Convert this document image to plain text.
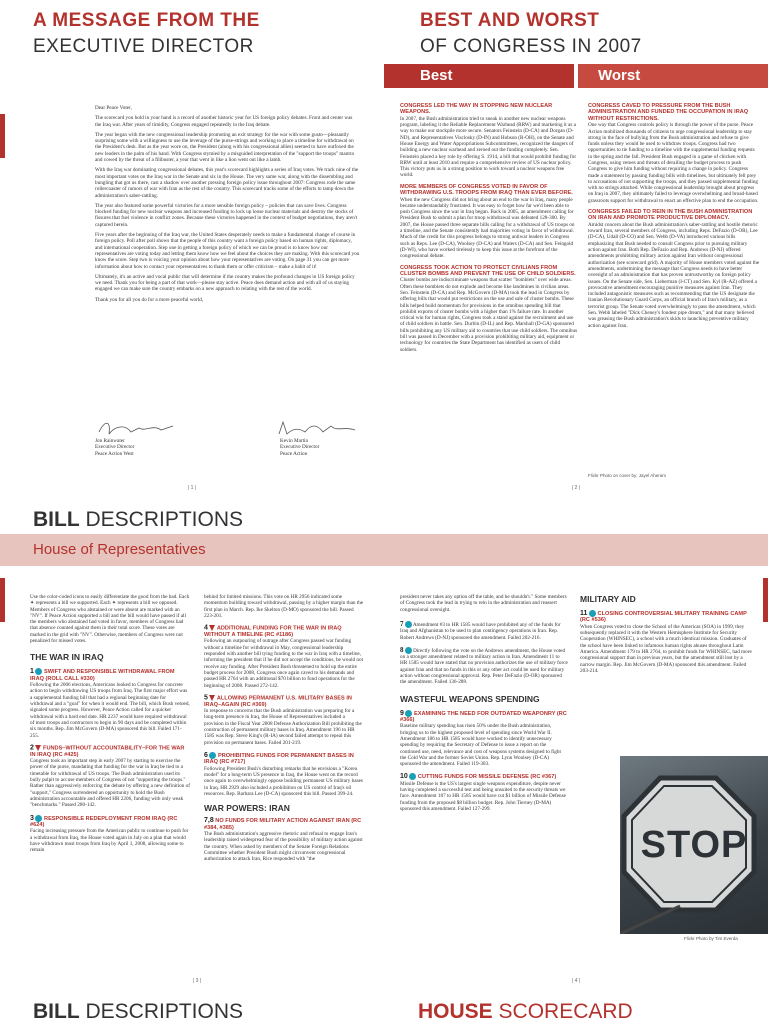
A MESSAGE FROM THE
EXECUTIVE DIRECTOR

Dear Peace Voter,

The scorecard you hold in your hand is a record of another historic year for US foreign policy debates. Front and center was the Iraq war. After years of timidity, Congress engaged repeatedly in the Iraq debate.

The year began with the new congressional leadership promoting an exit strategy for the war with some gusto—pleasantly surprising some with a willingness to use the leverage of the purse-strings and working to place a timeline for withdrawal on the President's desk. But as the year wore on, the President (along with his congressional allies) seemed to have outfoxed the new leaders in the palm of his hand. With Congress stymied by a misguided interpretation of the "support the troops" mantra and cowed by the threat of a filibuster, a year that went in like a lion went out like a lamb.

With the Iraq war dominating congressional debates, this year's scorecard highlights a series of Iraq votes. We track nine of the most important votes on the Iraq war in the Senate and six in the House. The very same war, along with the dissembling and bungling that got us there, cast a shadow over another pressing foreign policy issue throughout 2007: Congress rode the same rollercoaster of rumors of war with Iran as the rest of the country. This scorecard tracks some of the efforts to tamp down the administration's saber-rattling.

The year also featured some powerful victories for a more sensible foreign policy – policies that can save lives. Congress blocked funding for new nuclear weapons and increased funding to lock up loose nuclear materials and destroy the stocks of fissures that fuel violence in conflict zones. Because these victories happened in the context of budget negotiations, they aren't captured herein.

Five years after the beginning of the Iraq war, the United States desperately needs to make a fundamental change of course in foreign policy. Poll after poll shows that the people of this country want a foreign policy based on human rights, diplomacy, and international cooperation. Step one in getting a foreign policy of which we can be proud is to know how our representatives are voting today and letting them know how we feel about the choices they are making. With this scorecard you know the score. Step two is voicing your opinion about how your representatives are voting. On page 31 you can get more information about how to contact your representatives to thank them or offer criticism – make a habit of it!

Ultimately, it's an active and vocal public that will determine if the country makes the profound changes in US foreign policy we need. Thank you for being a part of that work—please stay active. Peace does demand action and with all of us staying engaged we can make sure the country embarks on a new approach to relating with the rest of the world.

Thank you for all you do for a more peaceful world,

Jon Rainwater
Executive Director
Peace Action West
Kevin Martin
Executive Director
Peace Action
| 1 |
BEST AND WORST
OF CONGRESS IN 2007
Best	Worst
CONGRESS LED THE WAY IN STOPPING NEW NUCLEAR WEAPONS.
In 2007, the Bush administration tried to sneak in another new nuclear weapons program, labeling it the Reliable Replacement Warhead (RRW) and marketing it as a way to make our stockpile more secure. Senators Feinstein (D-CA) and Dorgan (D-ND), and Representatives Visclosky (D-IN) and Hobson (R-OH), on the Senate and House Energy and Water Appropriations Subcommittees, recognized the dangers of building a new nuclear warhead and zeroed out the funding completely. Sen. Feinstein placed a key role by offering S. 1914, a bill that would prohibit funding for RRW until at least 2010 and require a comprehensive review of US nuclear policy. This victory puts us in a strong position to work toward a nuclear weapons free world.
MORE MEMBERS OF CONGRESS VOTED IN FAVOR OF WITHDRAWING U.S. TROOPS FROM IRAQ THAN EVER BEFORE.
When the new Congress did not bring about an end to the war in Iraq, many people became understandably frustrated. It was easy to forget how far we'd been able to push Congress since the war in Iraq began. Back in 2005, an amendment calling for President Bush to submit a plan for troop withdrawal was defeated 128-300. By 2007, the House passed three separate bills calling for a withdrawal of US troops on a timeline, and the Senate consistently had majorities voting in favor of withdrawal. Much of the credit for this progress belongs to strong antiwar leaders in Congress such as Reps. Lee (D-CA), Woolsey (D-CA) and Waters (D-CA) and Sen. Feingold (D-WI), who have worked tirelessly to keep this issue at the forefront of the congressional debate.
CONGRESS TOOK ACTION TO PROTECT CIVILIANS FROM CLUSTER BOMBS AND PREVENT THE USE OF CHILD SOLDIERS.
Cluster bombs are indiscriminate weapons that scatter "bomblets" over wide areas. Often these bomblets do not explode and become like landmines in civilian areas. Sen. Feinstein (D-CA) and Rep. McGovern (D-MA) took the lead in Congress by offering bills that would put restrictions on the use and sale of cluster bombs. These bills helped build momentum for provisions in the omnibus spending bill that prohibit exports of cluster bombs with a higher than 1% failure rate. In another critical win for human rights, Congress took a stand against the recruitment and use of child soldiers in battle. Sen. Durbin (D-IL) and Rep. Marshall (D-GA) sponsored bills prohibiting any US military aid to countries that use child soldiers. The omnibus bill was passed in December with a provision prohibiting military aid, equipment or technology for countries the State Department has identified as users of child soldiers.
CONGRESS CAVED TO PRESSURE FROM THE BUSH ADMINISTRATION AND FUNDED THE OCCUPATION IN IRAQ WITHOUT RESTRICTIONS.
One way that Congress controls policy is through the power of the purse. Peace Action mobilized thousands of citizens to urge congressional leadership to stay strong in the face of bullying from the Bush administration and refuse to give funds unless they would be used to withdraw troops. Congress had two opportunities to tie funding to a timeline with the supplemental funding requests in the spring and the fall. President Bush engaged in a game of chicken with Congress, using vetoes and threats of derailing the budget process to push Congress to give him funding without requiring a change in policy. Congress made a statement by passing funding bills with timelines, but ultimately fell prey to accusations of not supporting the troops, and they passed supplemental funding with no strings attached. While congressional leadership brought about progress on Iraq in 2007, they ultimately failed to leverage overwhelming and broad-based grassroots support for withdrawal to enact an effective plan to end the occupation.
CONGRESS FAILED TO REIN IN THE BUSH ADMINISTRATION ON IRAN AND PROMOTE PRODUCTIVE DIPLOMACY.
Amidst concern about the Bush administration's saber-rattling and hostile rhetoric toward Iran, several members of Congress, including Reps. DeFazio (D-OR), Lee (D-CA), Udall (D-CO) and Sen. Webb (D-VA) introduced various bills emphasizing that Bush needed to consult Congress prior to pursuing military action against Iran. Both Rep. DeFazio and Rep. Andrews (D-NJ) offered amendments prohibiting military action against Iran without congressional authorization (see scorecard grid). A majority of House members voted against the amendments, undermining the message that Congress needs to have better oversight of an administration that has proven untrustworthy on foreign policy issues. On the Senate side, Sen. Lieberman (I-CT) and Sen. Kyl (R-AZ) offered a provocative amendment encouraging punitive measures against Iran. They included antagonistic measures such as recommending that the US designate the Iranian Revolutionary Guard Corps, an official branch of Iran's military, as a terrorist group. The Senate voted overwhelmingly to pass the amendment, which Sen. Webb labeled "Dick Cheney's fondest pipe dream," and that many believed was greasing the Bush administration's skids to launching preventive military action against Iran.
Flickr Photo on cover by: Jayel Aheram
| 2 |
BILL DESCRIPTIONS
House of Representatives
Use the color-coded icons to easily differentiate the good from the bad. Each ✦ represents a bill we supported. Each ✦ represents a bill we opposed. Members of Congress who abstained or were absent are marked with an "NV". If Peace Action supported a bill and the bill would have passed if all the members who abstained had voted in favor, members of Congress had that absence counted against them in their total score. These votes are marked in the grid with "NV". Otherwise, members of Congress were not penalized for missed votes.
THE WAR IN IRAQ
1 SWIFT AND RESPONSIBLE WITHDRAWAL FROM IRAQ (ROLL CALL #330)
Following the 2006 elections, Americans looked to Congress for concrete action to begin withdrawing US troops from Iraq. The first major effort was a supplemental funding bill that had a regional beginning date for withdrawal and a "goal" for when it would end. The bill, which Bush vetoed, signaled some progress. However, Peace Action called for a quicker withdrawal with a hard end date. HR 2237 would have required withdrawal of most troops and contractors to begin in 90 days and be completed within six months. Rep. Jim McGovern (D-MA) sponsored this bill. Failed 171-255.
2 FUNDS–WITHOUT ACCOUNTABILITY–FOR THE WAR IN IRAQ (RC #425)
Congress took an important step in early 2007 by starting to exercise the power of the purse, mandating that funding for the war in Iraq be tied to a timetable for withdrawal of US troops. The Bush administration used its bully pulpit to accuse members of Congress of not "supporting the troops." Rather than aggressively enforcing the debate by offering a new definition of "support," Congress surrendered an opportunity to hold the Bush administration accountable and offered HR 2206, funding with only weak "benchmarks." Passed 280-142.
3 RESPONSIBLE REDEPLOYMENT FROM IRAQ (RC #624)
Facing increasing pressure from the American public to continue to push for a withdrawal from Iraq, the House voted again in July on a plan that would have withdrawn most troops from Iraq by April 1, 2008, allowing some to remain
behind for limited missions. This vote on HR 2956 indicated some momentum building toward withdrawal, passing by a higher margin than the first plan in March. Rep. Ike Skelton (D-MO) sponsored the bill. Passed 223-201.
4 ADDITIONAL FUNDING FOR THE WAR IN IRAQ WITHOUT A TIMELINE (RC #1186)
Following an outpouring of outrage after Congress passed war funding without a timeline for withdrawal in May, congressional leadership responded with another bill tying funding to the war in Iraq with a timeline, informing the president that if he did not accept the conditions, he would not receive any funding. After President Bush threatened to hold up the entire budget process for 2008, Congress once again caved to his demands and passed HR 2764 with an additional $70 billion to fund operations for the beginning of 2008. Passed 272-142.
5 ALLOWING PERMANENT U.S. MILITARY BASES IN IRAQ–AGAIN (RC #369)
In response to concerns that the Bush administration was preparing for a long-term presence in Iraq, the House of Representatives included a provision in the Fiscal Year 2008 Defense Authorization Bill prohibiting the construction of permanent military bases in Iraq. Amendment 196 to HR 1585 was Rep. Steve King's (R-IA) second failed attempt to repeal this provision on permanent bases. Failed 201-219.
6 PROHIBITING FUNDS FOR PERMANENT BASES IN IRAQ (RC #717)
Following President Bush's disturbing remarks that he envisions a "Korea model" for a long-term US presence in Iraq, the House went on the record once again to overwhelmingly oppose building permanent US military bases in Iraq. HR 2929 also included a prohibition on US control of Iraq's oil resources. Rep. Barbara Lee (D-CA) sponsored this bill. Passed 399-24.
WAR POWERS: IRAN
7,8 NO FUNDS FOR MILITARY ACTION AGAINST IRAN (RC #384, #385)
The Bush administration's aggressive rhetoric and refusal to engage Iran's leadership raised widespread fear of the possibility of military action against the country. When asked by members of the Senate Foreign Relations Committee whether President Bush might circumvent congressional authorization to attack Iran, Rice responded with "the
| 3 |
president never takes any option off the table, and he shouldn't." Some members of Congress took the lead in trying to rein in the administration and reassert congressional oversight.
7 Amendment #3 to HR 1585 would have prohibited any of the funds for Iraq and Afghanistan to be used to plan contingency operations in Iran. Rep. Robert Andrews (D-NJ) sponsored the amendment. Failed 202-216.
8 Directly following the vote on the Andrews amendment, the House voted on a stronger amendment related to military action in Iran. Amendment 11 to HR 1585 would have stated that no provision authorizes the use of military force against Iran and that no funds in this or any other act could be used for military action without congressional approval. Rep. Peter DeFazio (D-OR) sponsored the amendment. Failed 136-288.
WASTEFUL WEAPONS SPENDING
9 EXAMINING THE NEED FOR OUTDATED WEAPONRY (RC #366)
Baseline military spending has risen 50% under the Bush administration, bringing us to the highest proposed level of spending since World War II. Amendment 186 to HR 1585 would have worked to identify unnecessary spending by requiring the Secretary of Defense to issue a report on the continued use, need, relevance and cost of weapons systems designed to fight the Cold War and the former Soviet Union. Rep. Lynn Woolsey (D-CA) sponsored the amendment. Failed 119-303.
10 CUTTING FUNDS FOR MISSILE DEFENSE (RC #367)
Missile Defense is the US's largest single weapons expenditure, despite never having completed a successful test and being unsuited to the security threats we face. Amendment 187 to HR 1585 would have cut $1 billion of Missile Defense funding from the proposed $8 billion budget. Rep. John Tierney (D-MA) sponsored this amendment. Failed 127-299.
MILITARY AID
11 CLOSING CONTROVERSIAL MILITARY TRAINING CAMP (RC #536)
When Congress voted to close the School of the Americas (SOA) in 1999, they subsequently replaced it with the Western Hemisphere Institute for Security Cooperation (WHINSEC), a school with a much identical mission. Graduates of the school have been linked to infamous human rights abuses throughout Latin America. Amendment 179 to HR 2764, to prohibit funds for WHINSEC, had more congressional support than in previous years, but the amendment still lost by a narrow margin. Rep. Jim McGovern (D-MA) sponsored this amendment. Failed 203-214.
STOP
Flickr Photo by Tim Everda
| 4 |
BILL DESCRIPTIONS	HOUSE SCORECARD
